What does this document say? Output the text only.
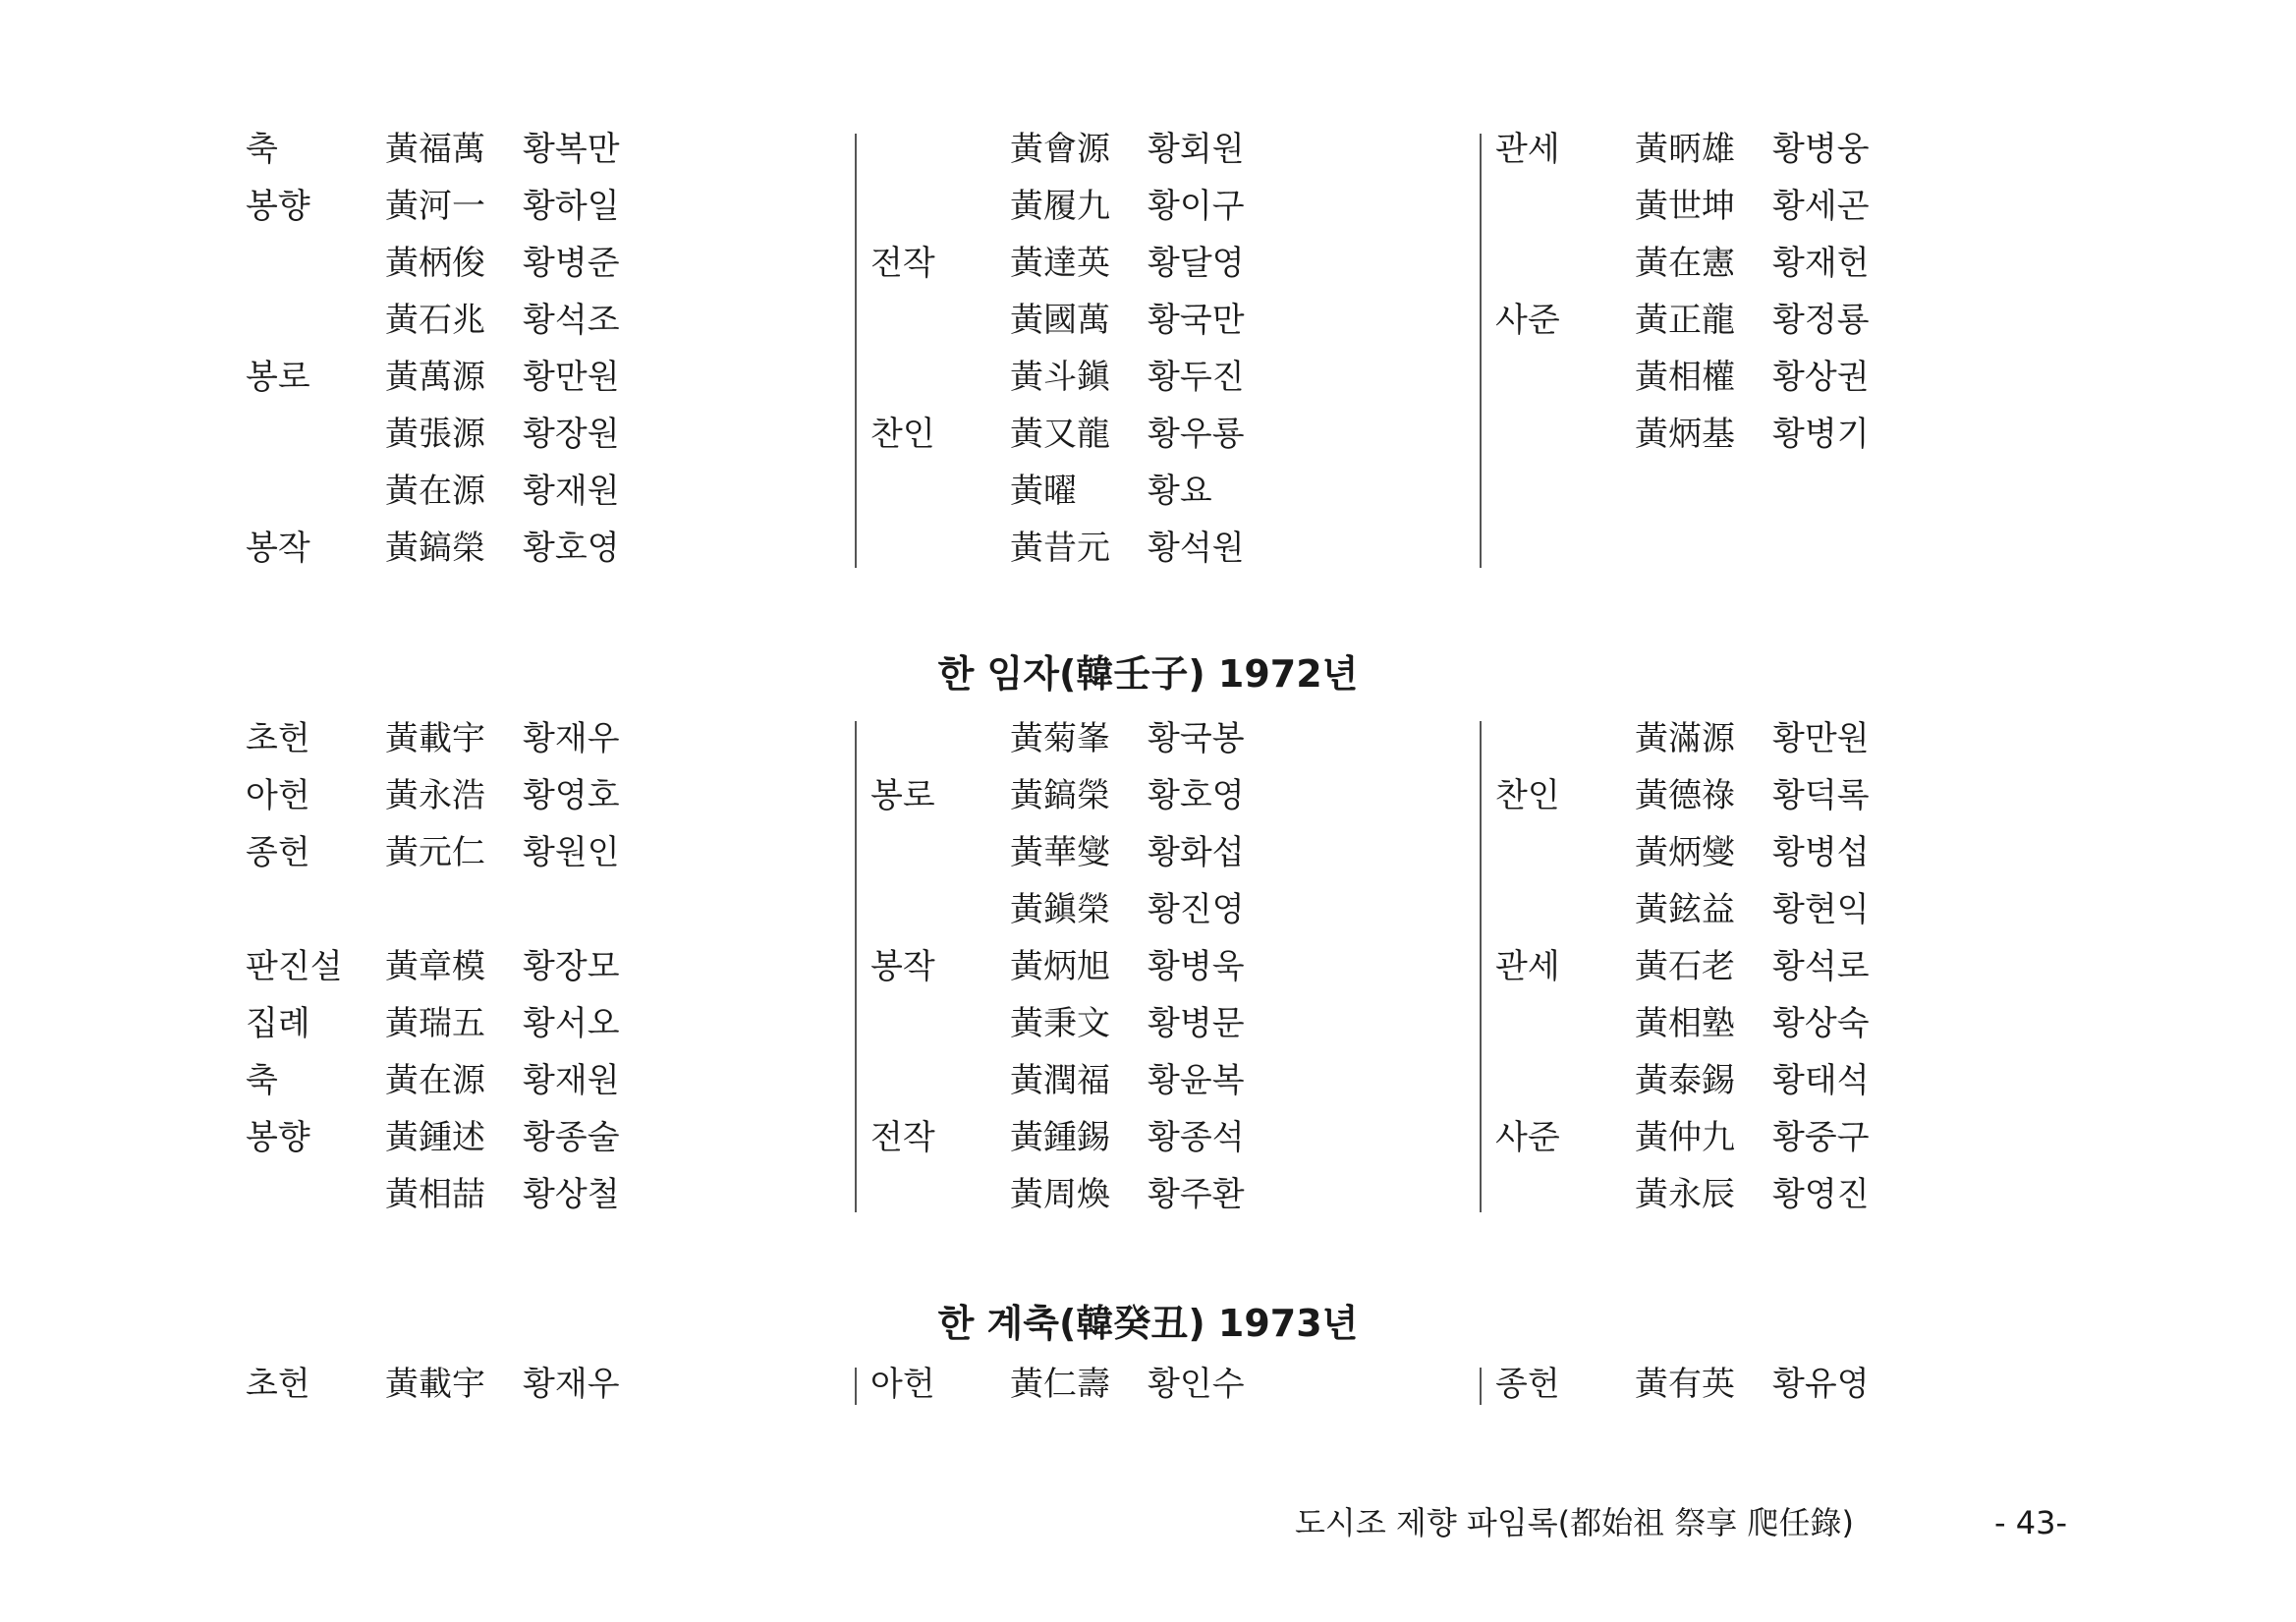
축	黃福萬 황복만
봉향 黃河一 황하일
黃柄俊 황병준
黃石兆 황석조
봉로 黃萬源 황만원
黃張源 황장원
黃在源 황재원
봉작 黃鎬榮 황호영
黃會源 황회원
黃履九 황이구
전작 黃達英 황달영
黃國萬 황국만
黃斗鎭 황두진
찬인 黃又龍 황우룡
黃曜 황요
黃昔元 황석원
관세 黃昞雄 황병웅
黃世坤 황세곤
黃在憲 황재헌
사준 黃正龍 황정룡
黃相權 황상권
黃炳基 황병기
한 임자(韓壬子) 1972년
초헌 黃載宇 황재우
아헌 黃永浩 황영호
종헌 黃元仁 황원인
판진설 黃章模 황장모
집례 黃瑞五 황서오
축	黃在源 황재원
봉향 黃鍾述 황종술
黃相喆 황상철
黃菊峯 황국봉
봉로 黃鎬榮 황호영
黃華燮 황화섭
黃鎭榮 황진영
봉작 黃炳旭 황병욱
黃秉文 황병문
黃潤福 황윤복
전작 黃鍾錫 황종석
黃周煥 황주환
黃滿源 황만원
찬인 黃德祿 황덕록
黃炳燮 황병섭
黃鉉益 황현익
관세 黃石老 황석로
黃相塾 황상숙
黃泰錫 황태석
사준 黃仲九 황중구
黃永辰 황영진
한 계축(韓癸丑) 1973년
초헌 黃載宇 황재우	아헌 黃仁壽 황인수	종헌 黃有英 황유영
도시조 제향 파임록(都始祖 祭享 爬任錄)	- 43-
